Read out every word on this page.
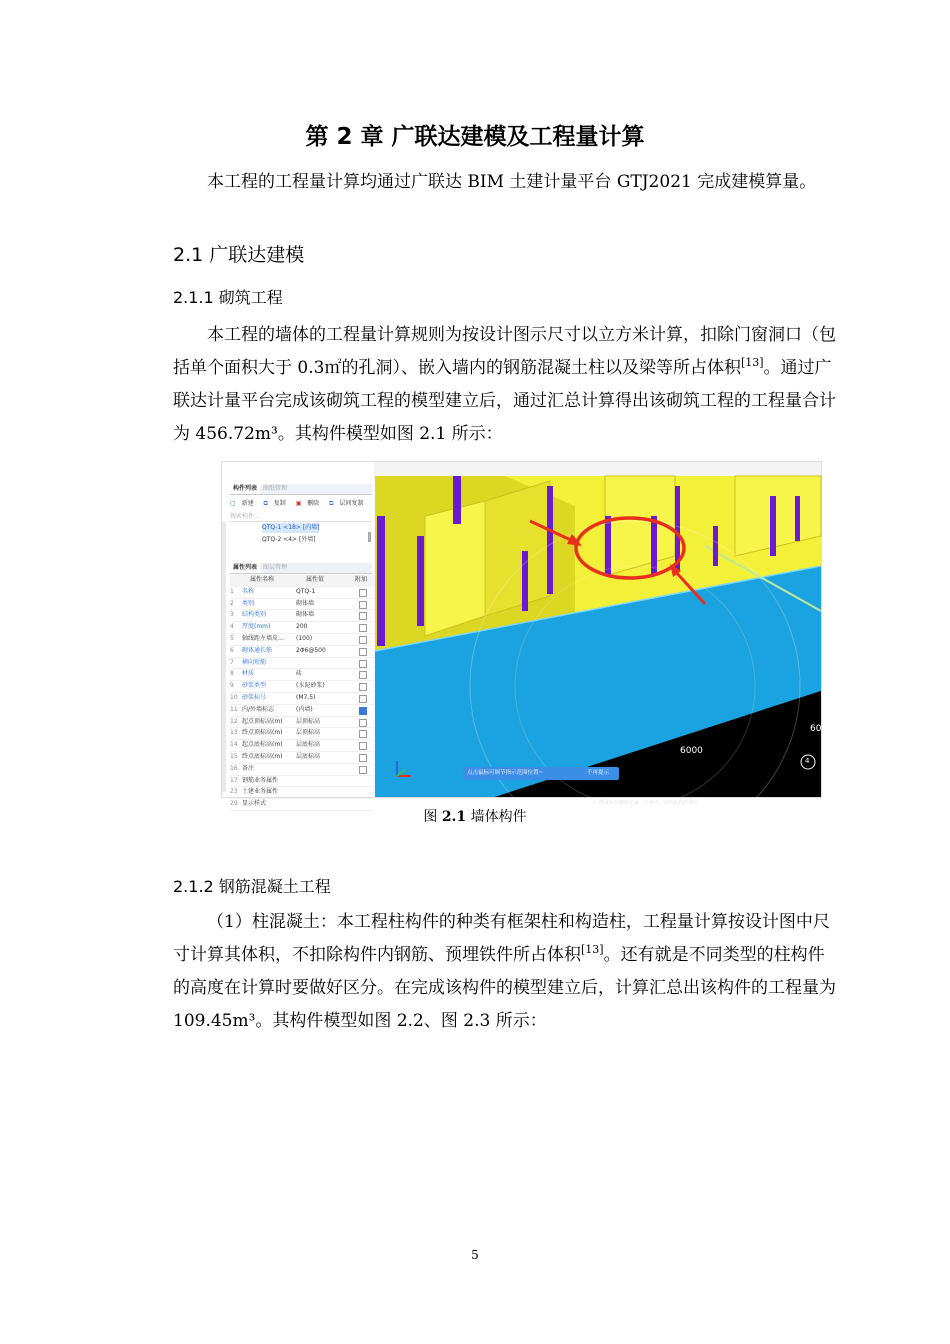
第 2 章 广联达建模及工程量计算

本工程的工程量计算均通过广联达 BIM 土建计量平台 GTJ2021 完成建模算量。

2.1 广联达建模
2.1.1 砌筑工程

本工程的墙体的工程量计算规则为按设计图示尺寸以立方米计算，扣除门窗洞口（包括单个面积大于 0.3㎡的孔洞）、嵌入墙内的钢筋混凝土柱以及梁等所占体积[13]。通过广联达计量平台完成该砌筑工程的模型建立后，通过汇总计算得出该砌筑工程的工程量合计为 456.72m³。其构件模型如图 2.1 所示：

构件列表 图纸管理
▢ 新建 ⧉ 复制 ▣ 删除 ⧉ 层间复制
搜索构件...
QTQ-1 <18> [内墙]
QTQ-2 <4> [外墙]
属性列表 图层管理
属性名称	属性值	附加
1	名称	QTQ-1
2	类别	砌体墙
3	结构类别	砌体墙
4	厚度(mm)	200
5	轴线距左墙皮...	(100)
6	砌体通长筋	2Φ6@500
7	横向短筋
8	材质	砖
9	砂浆类型	(水泥砂浆)
10 砂浆标号	(M7.5)
11 内/外墙标志	(内墙)
12 起点顶标高(m)	层顶标高
13 终点顶标高(m)	层顶标高
14 起点底标高(m)	层底标高
15 终点底标高(m)	层底标高
16 备注
17 钢筋业务属性
23 土建业务属性
29 显示样式
6000
60
4
↖ 按鼠标左键指定第一个角点，或拾取构件图元
点击鼠标可调节指示范围位置~	不再提示
图 2.1 墙体构件
2.1.2 钢筋混凝土工程

（1）柱混凝土：本工程柱构件的种类有框架柱和构造柱，工程量计算按设计图中尺寸计算其体积，不扣除构件内钢筋、预埋铁件所占体积[13]。还有就是不同类型的柱构件的高度在计算时要做好区分。在完成该构件的模型建立后，计算汇总出该构件的工程量为 109.45m³。其构件模型如图 2.2、图 2.3 所示：

5
